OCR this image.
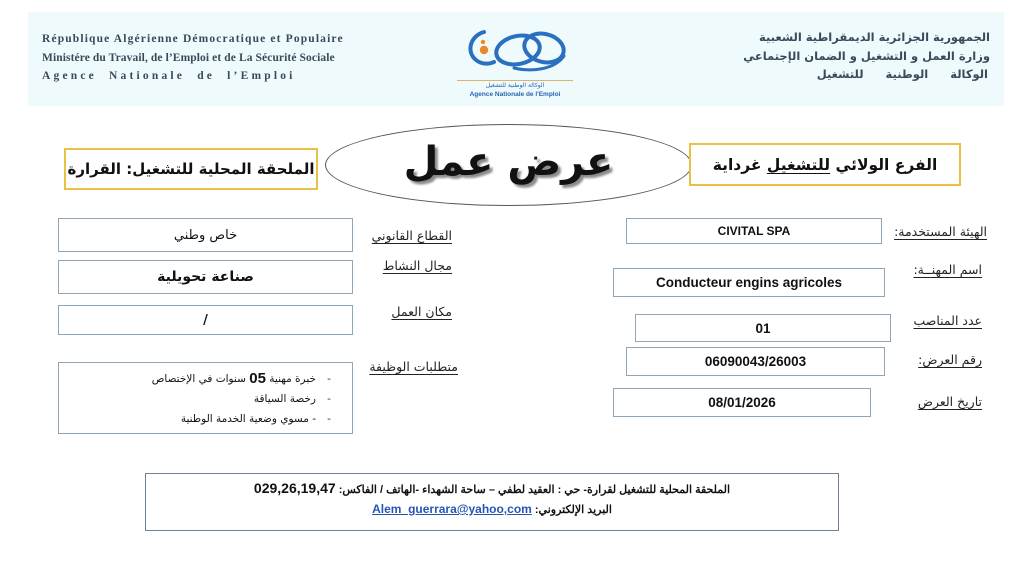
République Algérienne Démocratique et Populaire
Ministére du Travail, de l’Emploi et de La Sécurité Sociale
Agence Nationale de l’Emploi
الوكالة الوطنية للتشغيل
Agence Nationale de l'Emploi
الجمهورية الجزائرية الديمقراطية الشعبية
وزارة العمل و التشغيل و الضمان الإجتماعي
الوكالة الوطنية للتشغيل
الملحقة المحلية للتشغيل: القرارة عرض عمل	الفرع الولائي

للتشغيل

غرداية
الهيئة المستخدمة:
CIVITAL SPA
اسم المهنــة:
Conducteur engins agricoles
عدد المناصب
01
رقم العرض:
06090043/26003
تاريخ العرض
08/01/2026
القطاع القانوني
خاص وطني
مجال النشاط
صناعة تحويلية
مكان العمل
/
متطلبات الوظيفة
-
خبرة مهنية

05

سنوات في الإختصاص
-
رخصة السياقة
-
- مسوي وضعية الخدمة الوطنية
الملحقة المحلية للتشغيل لقرارة- حي : العقيد لطفي – ساحة الشهداء -الهاتف / الفاكس: 029,26,19,47
البريد الإلكتروني: Alem_guerrara@yahoo,com
